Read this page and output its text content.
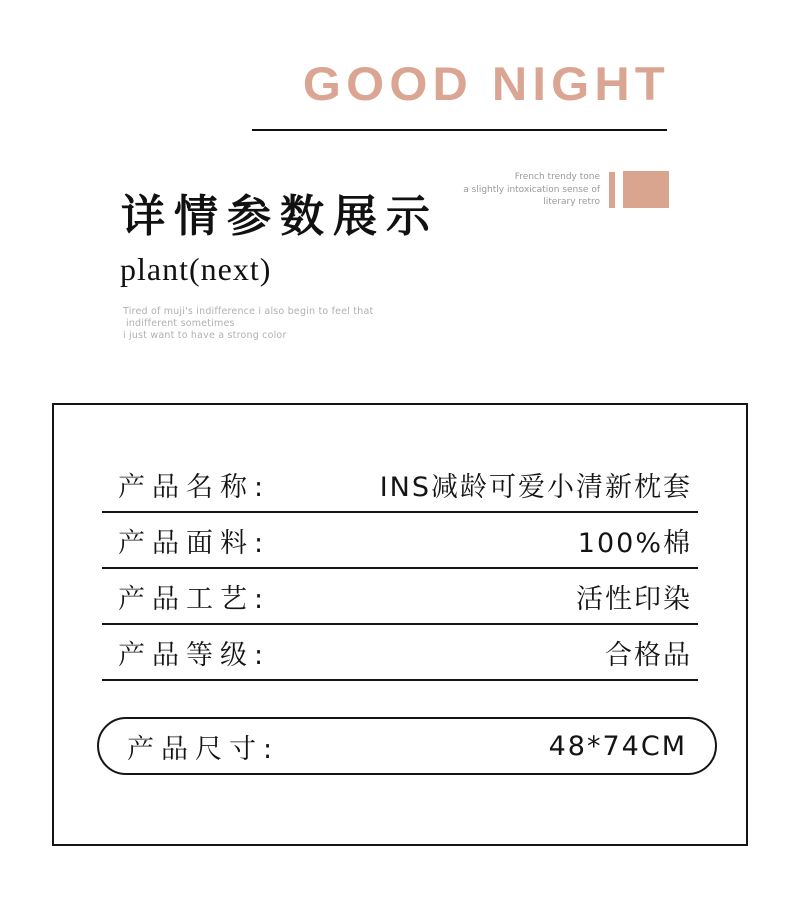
GOOD NIGHT
详情参数展示
French trendy tone
a slightly intoxication sense of
literary retro
plant(next)
Tired of muji's indifference i also begin to feel that
indifferent sometimes
i just want to have a strong color
产品名称:	INS减龄可爱小清新枕套
产品面料:	100%棉
产品工艺:	活性印染
产品等级:	合格品
产品尺寸:	48*74CM
